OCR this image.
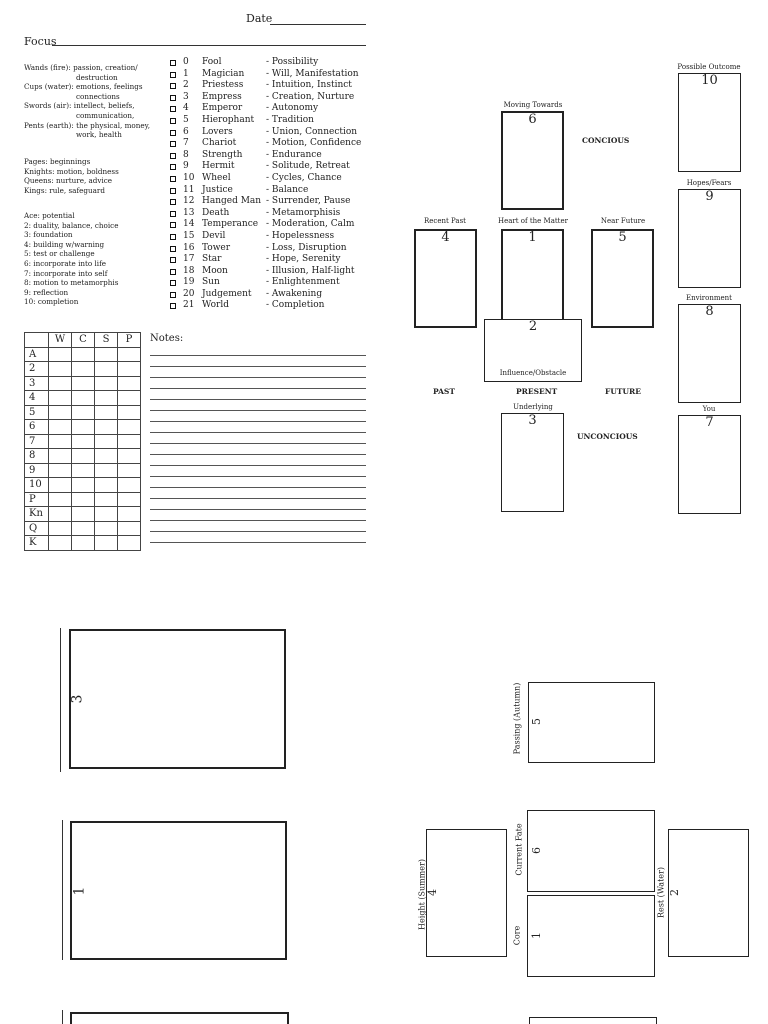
Date
Focus
Wands (fire): passion, creation/
destruction
Cups (water): emotions, feelings
connections
Swords (air): intellect, beliefs,
communication,
Pents (earth): the physical, money,
work, health
Pages: beginnings
Knights: motion, boldness
Queens: nurture, advice
Kings: rule, safeguard
Ace: potential
2: duality, balance, choice
3: foundation
4: building w/warning
5: test or challenge
6: incorporate into life
7: incorporate into self
8: motion to metamorphis
9: reflection
10: completion
0 Fool	- Possibility
1 Magician - Will, Manifestation
2 Priestess	- Intuition, Instinct
3 Empress	- Creation, Nurture
4 Emperor	- Autonomy
5 Hierophant - Tradition
6 Lovers	- Union, Connection
7 Chariot	- Motion, Confidence
8 Strength	- Endurance
9 Hermit	- Solitude, Retreat
10 Wheel	- Cycles, Chance
11 Justice	- Balance
12 Hanged Man - Surrender, Pause
13 Death	- Metamorphisis
14 Temperance - Moderation, Calm
15 Devil	- Hopelessness
16 Tower	- Loss, Disruption
17 Star	- Hope, Serenity
18 Moon	- Illusion, Half-light
19 Sun	- Enlightenment
20 Judgement - Awakening
21 World	- Completion
	W	C	S	P
A				
2				
3				
4				
5				
6				
7				
8				
9				
10				
P				
Kn				
Q				
K				
Notes:
Possible Outcome
10
Hopes/Fears
9
Environment
8
You
7
Moving Towards
6
CONCIOUS
Recent Past
4
Heart of the Matter
1
Near Future
5
2
Influence/Obstacle
PAST	PRESENT	FUTURE
Underlying
3
UNCONCIOUS
3
1
Passing (Autumn) 5
Current Fate 6
4
Height (Summer)
Core 1
2
Rest (Water)
